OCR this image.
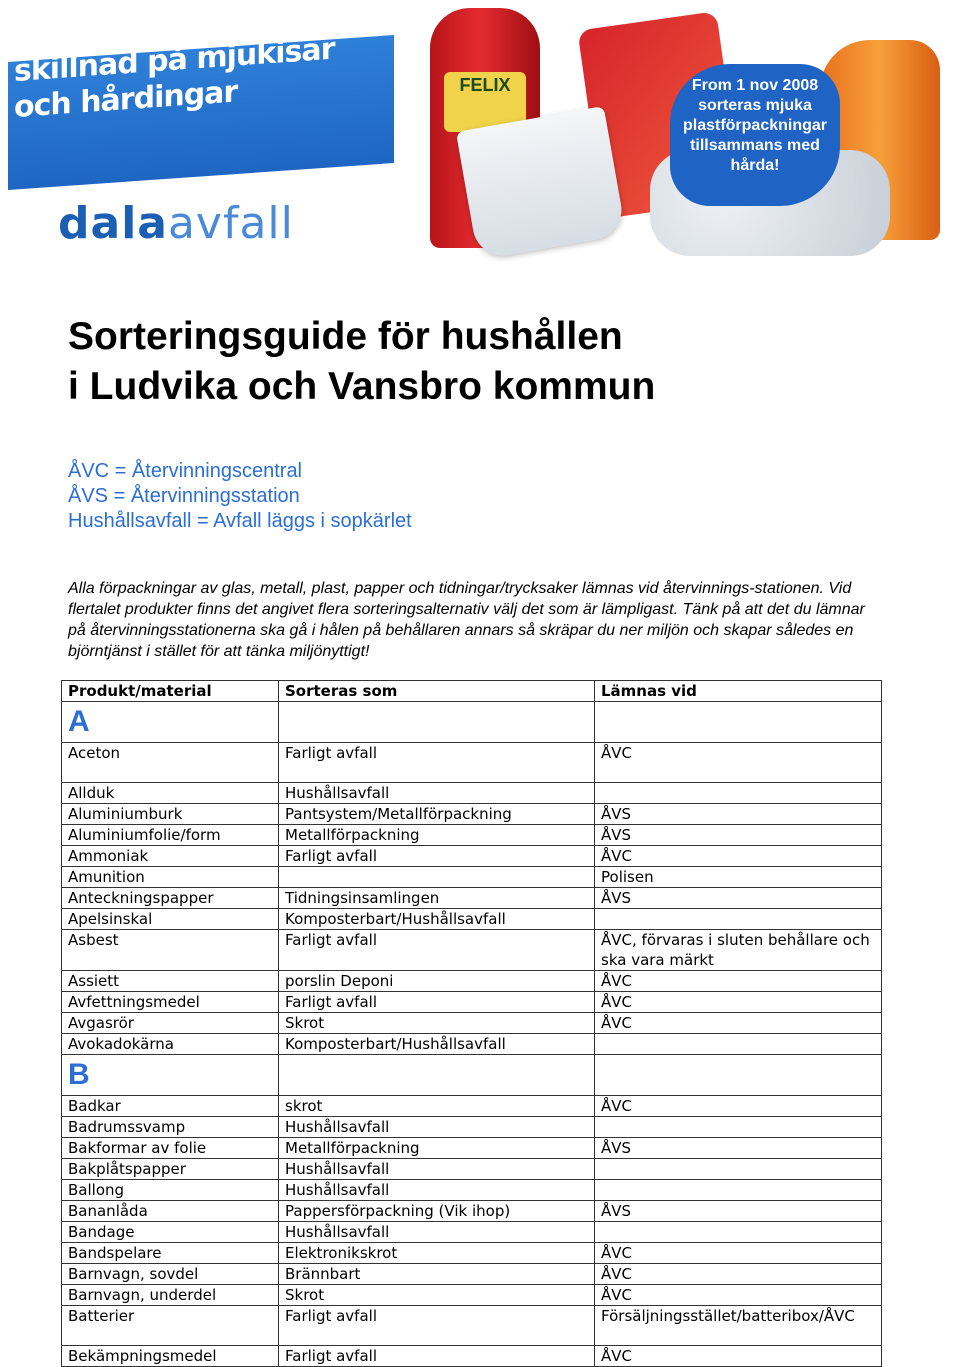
Nu gör vi ingen skillnad på mjukisar och hårdingar
dalaavfall
FELIX	From 1 nov 2008 sorteras mjuka plastförpackningar tillsammans med hårda!
Sorteringsguide för hushållen
i Ludvika och Vansbro kommun
ÅVC = Återvinningscentral
ÅVS = Återvinningsstation
Hushållsavfall = Avfall läggs i sopkärlet
Alla förpackningar av glas, metall, plast, papper och tidningar/trycksaker lämnas vid återvinnings-stationen. Vid flertalet produkter finns det angivet flera sorteringsalternativ välj det som är lämpligast. Tänk på att det du lämnar på återvinningsstationerna ska gå i hålen på behållaren annars så skräpar du ner miljön och skapar således en björntjänst i stället för att tänka miljönyttigt!
Produkt/material	Sorteras som	Lämnas vid
A		
Aceton	Farligt avfall	ÅVC
Allduk	Hushållsavfall	
Aluminiumburk	Pantsystem/Metallförpackning	ÅVS
Aluminiumfolie/form	Metallförpackning	ÅVS
Ammoniak	Farligt avfall	ÅVC
Amunition		Polisen
Anteckningspapper	Tidningsinsamlingen	ÅVS
Apelsinskal	Komposterbart/Hushållsavfall	
Asbest	Farligt avfall	ÅVC, förvaras i sluten behållare och ska vara märkt
Assiett	porslin Deponi	ÅVC
Avfettningsmedel	Farligt avfall	ÅVC
Avgasrör	Skrot	ÅVC
Avokadokärna	Komposterbart/Hushållsavfall	
B		
Badkar	skrot	ÅVC
Badrumssvamp	Hushållsavfall	
Bakformar av folie	Metallförpackning	ÅVS
Bakplåtspapper	Hushållsavfall	
Ballong	Hushållsavfall	
Bananlåda	Pappersförpackning (Vik ihop)	ÅVS
Bandage	Hushållsavfall	
Bandspelare	Elektronikskrot	ÅVC
Barnvagn, sovdel	Brännbart	ÅVC
Barnvagn, underdel	Skrot	ÅVC
Batterier	Farligt avfall	Försäljningsstället/batteribox/ÅVC
Bekämpningsmedel	Farligt avfall	ÅVC
